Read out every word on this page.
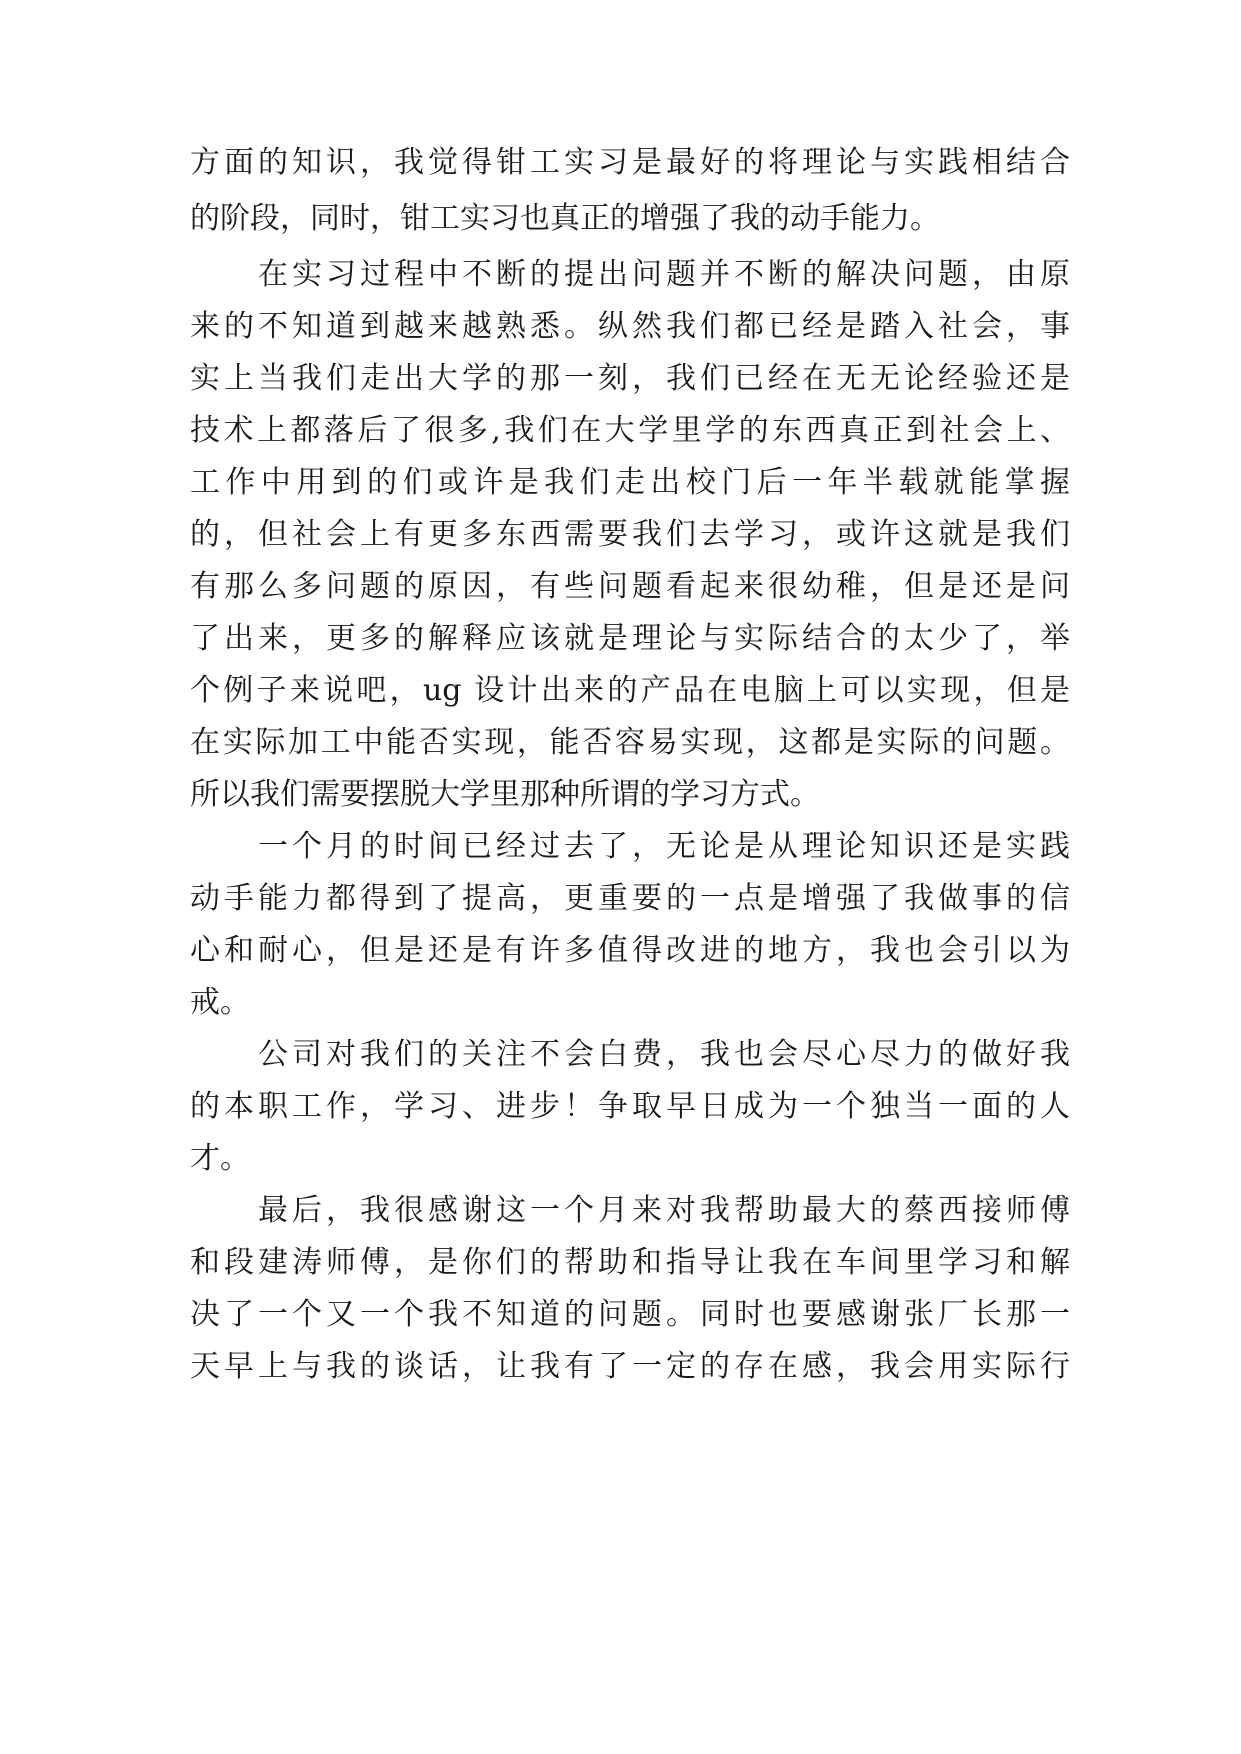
方面的知识，我觉得钳工实习是最好的将理论与实践相结合
的阶段，同时，钳工实习也真正的增强了我的动手能力。
在实习过程中不断的提出问题并不断的解决问题，由原
来的不知道到越来越熟悉。纵然我们都已经是踏入社会，事
实上当我们走出大学的那一刻，我们已经在无无论经验还是
技术上都落后了很多,我们在大学里学的东西真正到社会上、
工作中用到的们或许是我们走出校门后一年半载就能掌握
的，但社会上有更多东西需要我们去学习，或许这就是我们
有那么多问题的原因，有些问题看起来很幼稚，但是还是问
了出来，更多的解释应该就是理论与实际结合的太少了，举
个例子来说吧，ug 设计出来的产品在电脑上可以实现，但是
在实际加工中能否实现，能否容易实现，这都是实际的问题。
所以我们需要摆脱大学里那种所谓的学习方式。
一个月的时间已经过去了，无论是从理论知识还是实践
动手能力都得到了提高，更重要的一点是增强了我做事的信
心和耐心，但是还是有许多值得改进的地方，我也会引以为
戒。
公司对我们的关注不会白费，我也会尽心尽力的做好我
的本职工作，学习、进步！争取早日成为一个独当一面的人
才。
最后，我很感谢这一个月来对我帮助最大的蔡西接师傅
和段建涛师傅，是你们的帮助和指导让我在车间里学习和解
决了一个又一个我不知道的问题。同时也要感谢张厂长那一
天早上与我的谈话，让我有了一定的存在感，我会用实际行
